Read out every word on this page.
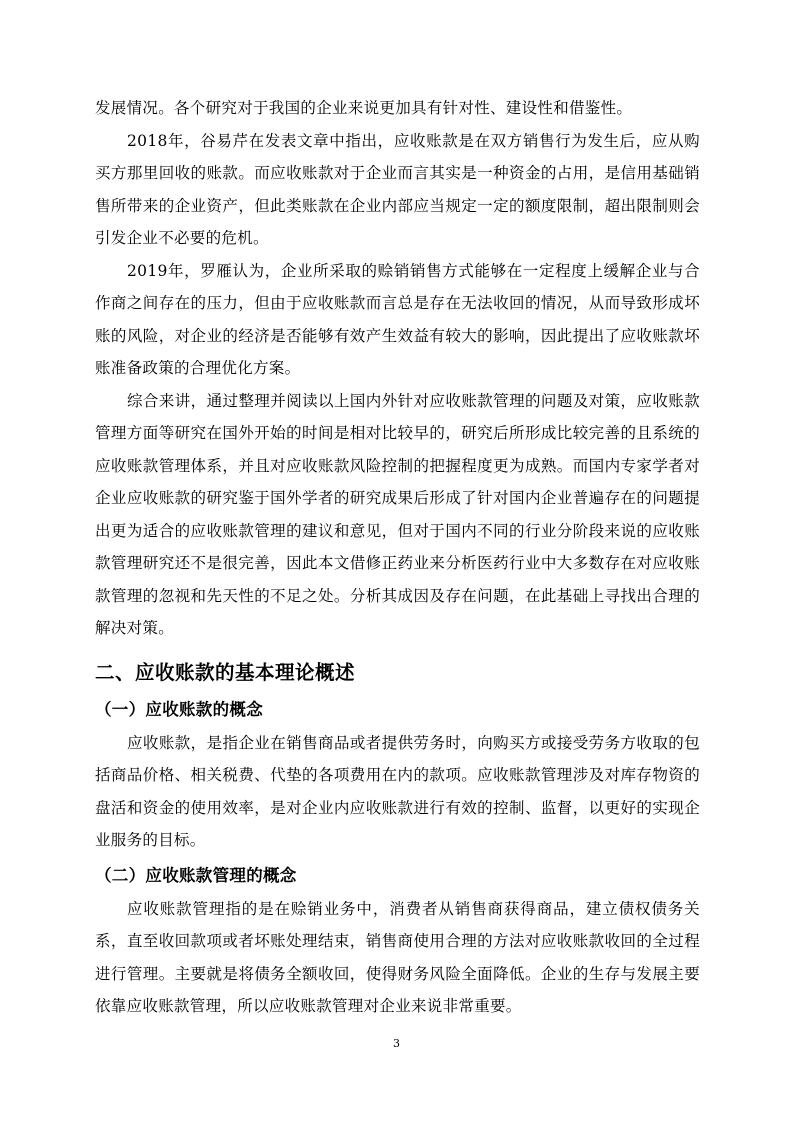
发展情况。各个研究对于我国的企业来说更加具有针对性、建设性和借鉴性。

2018年，谷易芹在发表文章中指出，应收账款是在双方销售行为发生后，应从购买方那里回收的账款。而应收账款对于企业而言其实是一种资金的占用，是信用基础销售所带来的企业资产，但此类账款在企业内部应当规定一定的额度限制，超出限制则会引发企业不必要的危机。

2019年，罗雁认为，企业所采取的赊销销售方式能够在一定程度上缓解企业与合作商之间存在的压力，但由于应收账款而言总是存在无法收回的情况，从而导致形成坏账的风险，对企业的经济是否能够有效产生效益有较大的影响，因此提出了应收账款坏账准备政策的合理优化方案。

综合来讲，通过整理并阅读以上国内外针对应收账款管理的问题及对策，应收账款管理方面等研究在国外开始的时间是相对比较早的，研究后所形成比较完善的且系统的应收账款管理体系，并且对应收账款风险控制的把握程度更为成熟。而国内专家学者对企业应收账款的研究鉴于国外学者的研究成果后形成了针对国内企业普遍存在的问题提出更为适合的应收账款管理的建议和意见，但对于国内不同的行业分阶段来说的应收账款管理研究还不是很完善，因此本文借修正药业来分析医药行业中大多数存在对应收账款管理的忽视和先天性的不足之处。分析其成因及存在问题，在此基础上寻找出合理的解决对策。

二、应收账款的基本理论概述
（一）应收账款的概念

应收账款，是指企业在销售商品或者提供劳务时，向购买方或接受劳务方收取的包括商品价格、相关税费、代垫的各项费用在内的款项。应收账款管理涉及对库存物资的盘活和资金的使用效率，是对企业内应收账款进行有效的控制、监督，以更好的实现企业服务的目标。

（二）应收账款管理的概念

应收账款管理指的是在赊销业务中，消费者从销售商获得商品，建立债权债务关系，直至收回款项或者坏账处理结束，销售商使用合理的方法对应收账款收回的全过程进行管理。主要就是将债务全额收回，使得财务风险全面降低。企业的生存与发展主要依靠应收账款管理，所以应收账款管理对企业来说非常重要。

3
